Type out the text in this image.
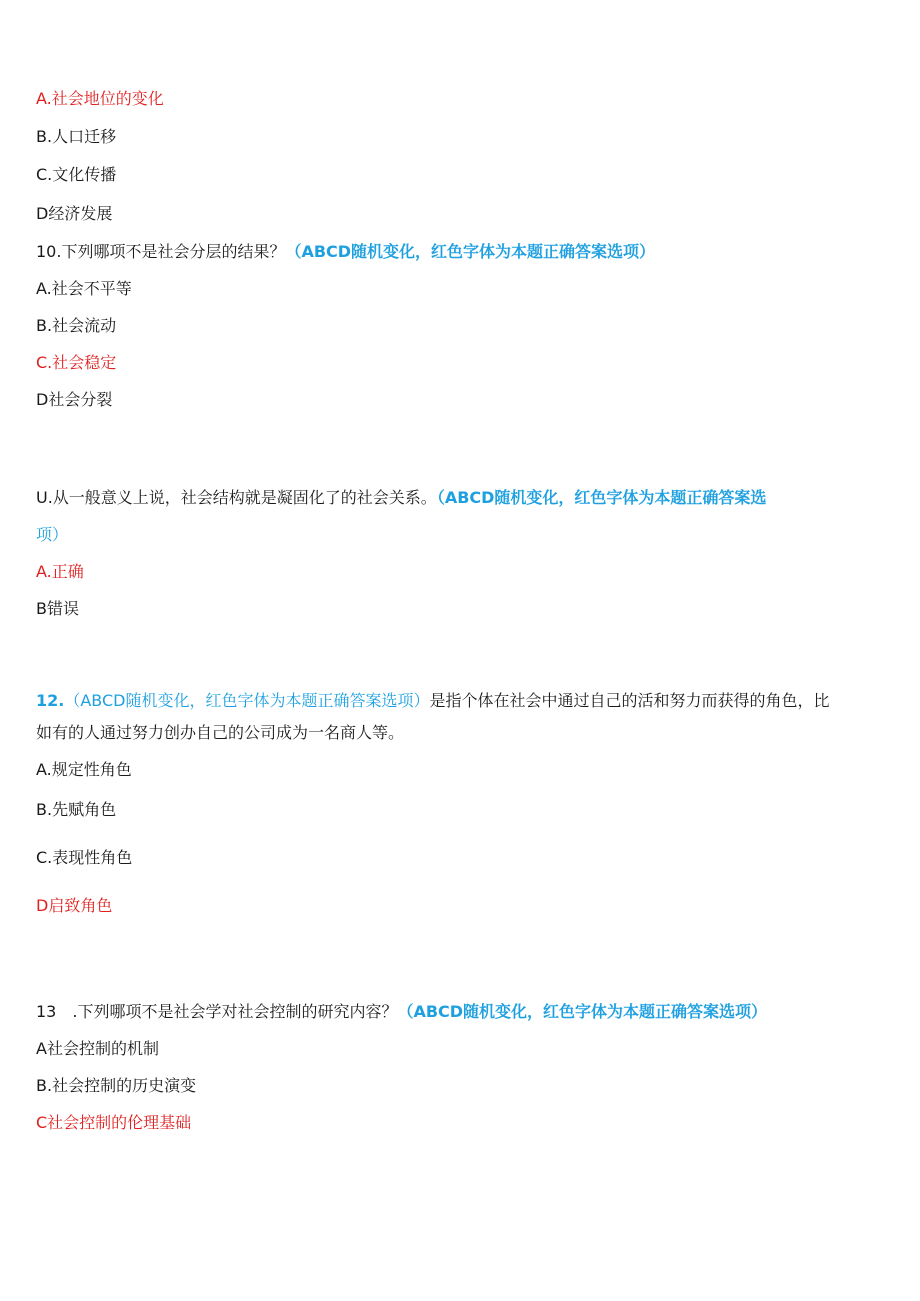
A.社会地位的变化
B.人口迁移
C.文化传播
D经济发展
10.下列哪项不是社会分层的结果？（ABCD随机变化，红色字体为本题正确答案选项）
A.社会不平等
B.社会流动
C.社会稳定
D社会分裂
U.从一般意义上说，社会结构就是凝固化了的社会关系。（ABCD随机变化，红色字体为本题正确答案选
项）
A.正确
B错误
12.（ABCD随机变化，红色字体为本题正确答案选项）是指个体在社会中通过自己的活和努力而获得的角色，比
如有的人通过努力创办自己的公司成为一名商人等。
A.规定性角色
B.先赋角色
C.表现性角色
D启致角色
13 .下列哪项不是社会学对社会控制的研究内容？（ABCD随机变化，红色字体为本题正确答案选项）
A社会控制的机制
B.社会控制的历史演变
C社会控制的伦理基础
